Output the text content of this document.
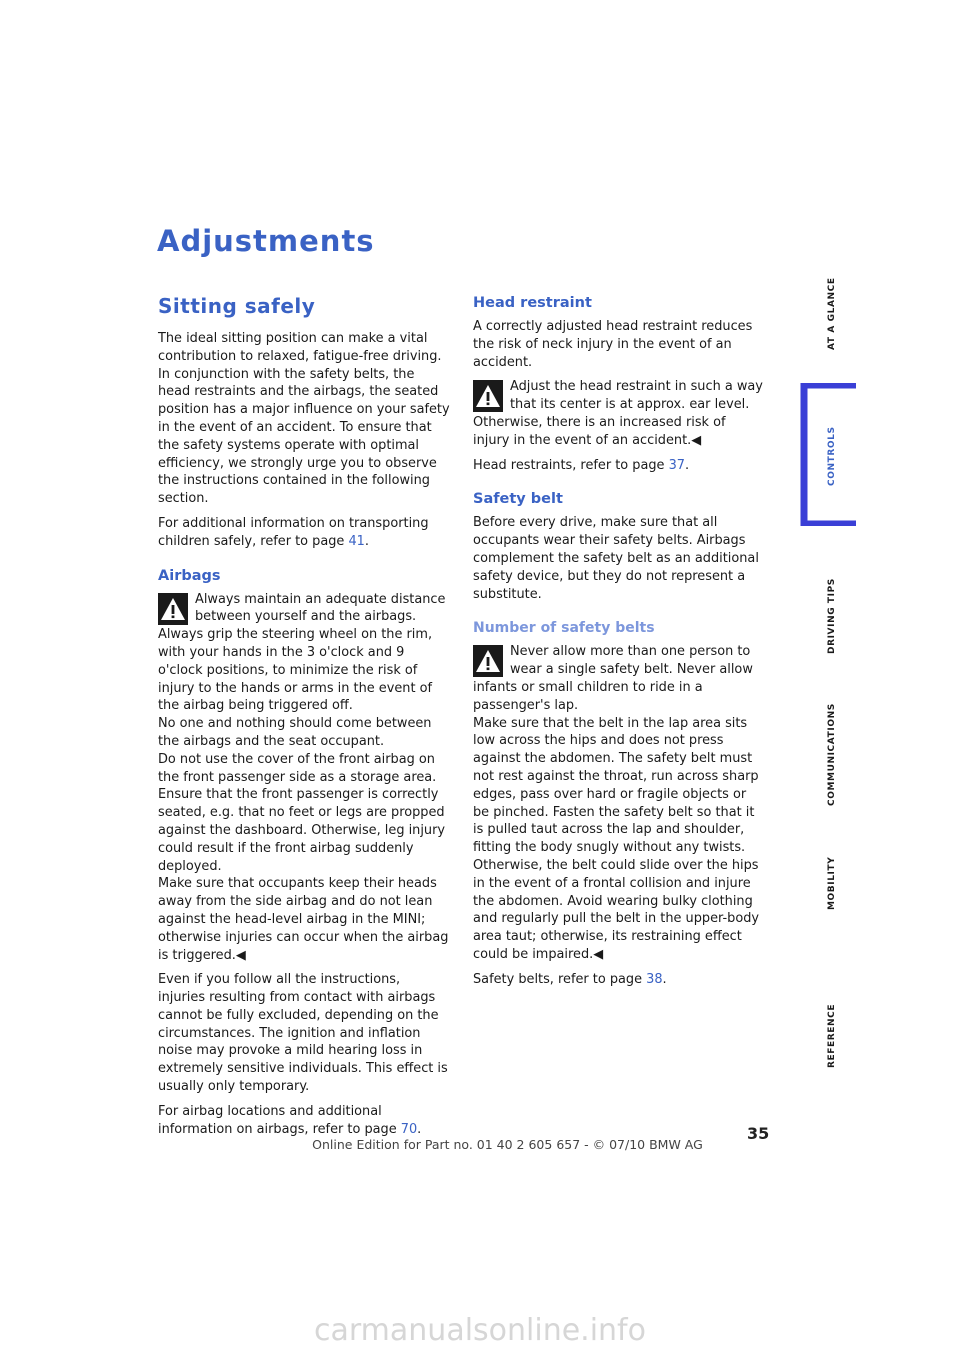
Adjustments
Sitting safely

The ideal sitting position can make a vital contribution to relaxed, fatigue-free driving. In conjunction with the safety belts, the head restraints and the airbags, the seated position has a major influence on your safety in the event of an accident. To ensure that the safety systems operate with optimal efficiency, we strongly urge you to observe the instructions contained in the following section.

For additional information on transporting children safely, refer to page 41.

Airbags
Always maintain an adequate distance between yourself and the airbags. Always grip the steering wheel on the rim, with your hands in the 3 o'clock and 9 o'clock positions, to minimize the risk of injury to the hands or arms in the event of the airbag being triggered off.
No one and nothing should come between the airbags and the seat occupant.
Do not use the cover of the front airbag on the front passenger side as a storage area. Ensure that the front passenger is correctly seated, e.g. that no feet or legs are propped against the dashboard. Otherwise, leg injury could result if the front airbag suddenly deployed.
Make sure that occupants keep their heads away from the side airbag and do not lean against the head-level airbag in the MINI; otherwise injuries can occur when the airbag is triggered.◀

Even if you follow all the instructions, injuries resulting from contact with airbags cannot be fully excluded, depending on the circumstances. The ignition and inflation noise may provoke a mild hearing loss in extremely sensitive individuals. This effect is usually only temporary.

For airbag locations and additional information on airbags, refer to page 70.

Head restraint

A correctly adjusted head restraint reduces the risk of neck injury in the event of an accident.

Adjust the head restraint in such a way that its center is at approx. ear level. Otherwise, there is an increased risk of injury in the event of an accident.◀

Head restraints, refer to page 37.

Safety belt

Before every drive, make sure that all occupants wear their safety belts. Airbags complement the safety belt as an additional safety device, but they do not represent a substitute.

Number of safety belts
Never allow more than one person to wear a single safety belt. Never allow infants or small children to ride in a passenger's lap.
Make sure that the belt in the lap area sits low across the hips and does not press against the abdomen. The safety belt must not rest against the throat, run across sharp edges, pass over hard or fragile objects or be pinched. Fasten the safety belt so that it is pulled taut across the lap and shoulder, fitting the body snugly without any twists. Otherwise, the belt could slide over the hips in the event of a frontal collision and injure the abdomen. Avoid wearing bulky clothing and regularly pull the belt in the upper-body area taut; otherwise, its restraining effect could be impaired.◀

Safety belts, refer to page 38.

AT A GLANCE
CONTROLS
DRIVING TIPS
COMMUNICATIONS
MOBILITY
REFERENCE
35
Online Edition for Part no. 01 40 2 605 657 - © 07/10 BMW AG
carmanualsonline.info
